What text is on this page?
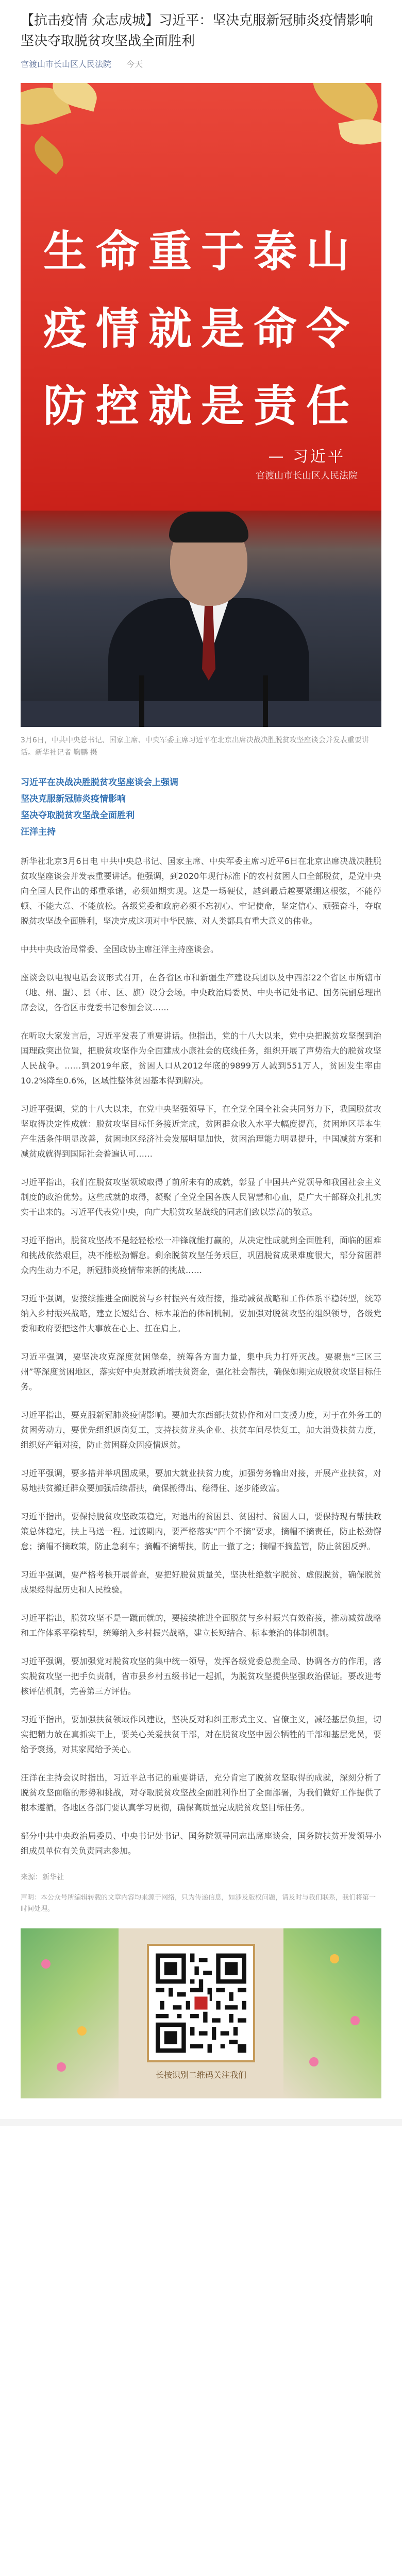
【抗击疫情 众志成城】习近平：坚决克服新冠肺炎疫情影响 坚决夺取脱贫攻坚战全面胜利
官渡山市长山区人民法院 今天
生命重于泰山
疫情就是命令
防控就是责任
— 习近平
官渡山市长山区人民法院
3月6日，中共中央总书记、国家主席、中央军委主席习近平在北京出席决战决胜脱贫攻坚座谈会并发表重要讲话。新华社记者 鞠鹏 摄
习近平在决战决胜脱贫攻坚座谈会上强调
坚决克服新冠肺炎疫情影响
坚决夺取脱贫攻坚战全面胜利
汪洋主持

新华社北京3月6日电 中共中央总书记、国家主席、中央军委主席习近平6日在北京出席决战决胜脱贫攻坚座谈会并发表重要讲话。他强调，到2020年现行标准下的农村贫困人口全部脱贫，是党中央向全国人民作出的郑重承诺，必须如期实现。这是一场硬仗，越到最后越要紧绷这根弦，不能停顿、不能大意、不能放松。各级党委和政府必须不忘初心、牢记使命，坚定信心、顽强奋斗，夺取脱贫攻坚战全面胜利，坚决完成这项对中华民族、对人类都具有重大意义的伟业。

中共中央政治局常委、全国政协主席汪洋主持座谈会。

座谈会以电视电话会议形式召开，在各省区市和新疆生产建设兵团以及中西部22个省区市所辖市（地、州、盟）、县（市、区、旗）设分会场。中央政治局委员、中央书记处书记、国务院副总理出席会议，各省区市党委书记参加会议……

在听取大家发言后，习近平发表了重要讲话。他指出，党的十八大以来，党中央把脱贫攻坚摆到治国理政突出位置，把脱贫攻坚作为全面建成小康社会的底线任务，组织开展了声势浩大的脱贫攻坚人民战争。……到2019年底，贫困人口从2012年底的9899万人减到551万人，贫困发生率由10.2%降至0.6%，区域性整体贫困基本得到解决。

习近平强调，党的十八大以来，在党中央坚强领导下，在全党全国全社会共同努力下，我国脱贫攻坚取得决定性成就：脱贫攻坚目标任务接近完成，贫困群众收入水平大幅度提高，贫困地区基本生产生活条件明显改善，贫困地区经济社会发展明显加快，贫困治理能力明显提升，中国减贫方案和减贫成就得到国际社会普遍认可……

习近平指出，我们在脱贫攻坚领域取得了前所未有的成就，彰显了中国共产党领导和我国社会主义制度的政治优势。这些成就的取得，凝聚了全党全国各族人民智慧和心血，是广大干部群众扎扎实实干出来的。习近平代表党中央，向广大脱贫攻坚战线的同志们致以崇高的敬意。

习近平指出，脱贫攻坚战不是轻轻松松一冲锋就能打赢的，从决定性成就到全面胜利，面临的困难和挑战依然艰巨，决不能松劲懈怠。剩余脱贫攻坚任务艰巨，巩固脱贫成果难度很大，部分贫困群众内生动力不足，新冠肺炎疫情带来新的挑战……

习近平强调，要接续推进全面脱贫与乡村振兴有效衔接，推动减贫战略和工作体系平稳转型，统筹纳入乡村振兴战略，建立长短结合、标本兼治的体制机制。要加强对脱贫攻坚的组织领导，各级党委和政府要把这件大事放在心上、扛在肩上。

习近平强调，要坚决攻克深度贫困堡垒，统筹各方面力量，集中兵力打歼灭战。要聚焦“三区三州”等深度贫困地区，落实好中央财政新增扶贫资金，强化社会帮扶，确保如期完成脱贫攻坚目标任务。

习近平指出，要克服新冠肺炎疫情影响。要加大东西部扶贫协作和对口支援力度，对于在外务工的贫困劳动力，要优先组织返岗复工，支持扶贫龙头企业、扶贫车间尽快复工，加大消费扶贫力度，组织好产销对接，防止贫困群众因疫情返贫。

习近平强调，要多措并举巩固成果，要加大就业扶贫力度，加强劳务输出对接，开展产业扶贫，对易地扶贫搬迁群众要加强后续帮扶，确保搬得出、稳得住、逐步能致富。

习近平指出，要保持脱贫攻坚政策稳定，对退出的贫困县、贫困村、贫困人口，要保持现有帮扶政策总体稳定，扶上马送一程。过渡期内，要严格落实“四个不摘”要求，摘帽不摘责任，防止松劲懈怠；摘帽不摘政策，防止急刹车；摘帽不摘帮扶，防止一撤了之；摘帽不摘监管，防止贫困反弹。

习近平强调，要严格考核开展普查，要把好脱贫质量关，坚决杜绝数字脱贫、虚假脱贫，确保脱贫成果经得起历史和人民检验。

习近平指出，脱贫攻坚不是一蹴而就的，要接续推进全面脱贫与乡村振兴有效衔接，推动减贫战略和工作体系平稳转型，统筹纳入乡村振兴战略，建立长短结合、标本兼治的体制机制。

习近平强调，要加强党对脱贫攻坚的集中统一领导，发挥各级党委总揽全局、协调各方的作用，落实脱贫攻坚一把手负责制，省市县乡村五级书记一起抓，为脱贫攻坚提供坚强政治保证。要改进考核评估机制，完善第三方评估。

习近平指出，要加强扶贫领域作风建设，坚决反对和纠正形式主义、官僚主义，减轻基层负担，切实把精力放在真抓实干上，要关心关爱扶贫干部，对在脱贫攻坚中因公牺牲的干部和基层党员，要给予褒扬，对其家属给予关心。

汪洋在主持会议时指出，习近平总书记的重要讲话，充分肯定了脱贫攻坚取得的成就，深刻分析了脱贫攻坚面临的形势和挑战，对夺取脱贫攻坚战全面胜利作出了全面部署，为我们做好工作提供了根本遵循。各地区各部门要认真学习贯彻，确保高质量完成脱贫攻坚目标任务。

部分中共中央政治局委员、中央书记处书记、国务院领导同志出席座谈会，国务院扶贫开发领导小组成员单位有关负责同志参加。

来源：新华社
声明：本公众号所编辑转载的文章内容均来源于网络，只为传递信息，如涉及版权问题，请及时与我们联系，我们将第一时间处理。
长按识别二维码关注我们
